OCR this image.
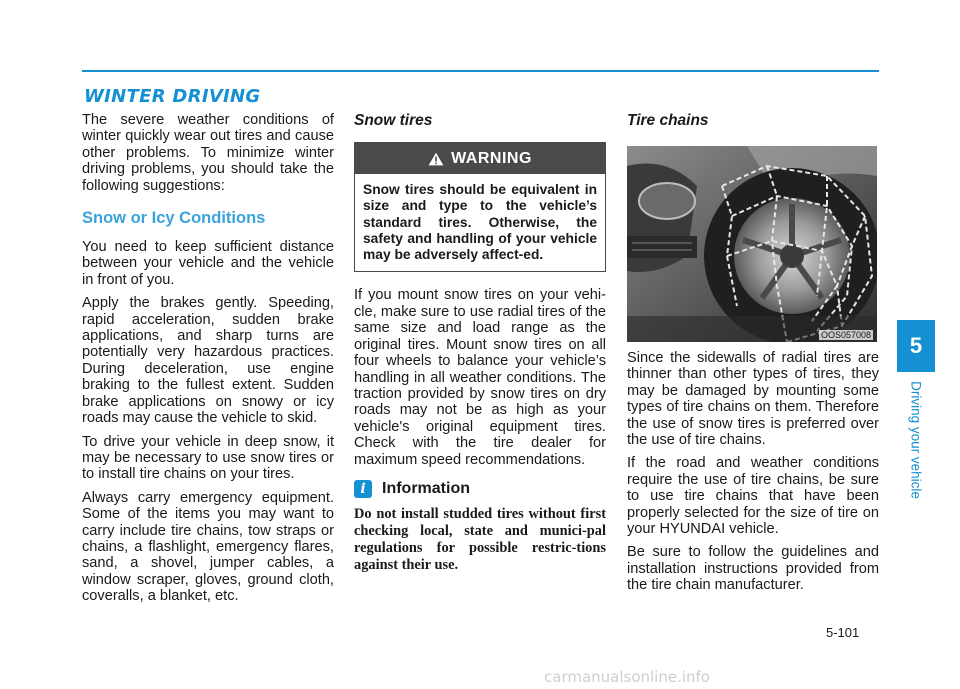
WINTER DRIVING

The severe weather conditions of winter quickly wear out tires and cause other problems. To minimize winter driving problems, you should take the following suggestions:

Snow or Icy Conditions

You need to keep sufficient distance between your vehicle and the vehicle in front of you.

Apply the brakes gently. Speeding, rapid acceleration, sudden brake applications, and sharp turns are potentially very hazardous practices. During deceleration, use engine braking to the fullest extent. Sudden brake applications on snowy or icy roads may cause the vehicle to skid.

To drive your vehicle in deep snow, it may be necessary to use snow tires or to install tire chains on your tires.

Always carry emergency equipment. Some of the items you may want to carry include tire chains, tow straps or chains, a flashlight, emergency flares, sand, a shovel, jumper cables, a window scraper, gloves, ground cloth, coveralls, a blanket, etc.

Snow tires
WARNING
Snow tires should be equivalent in size and type to the vehicle’s standard tires. Otherwise, the safety and handling of your vehicle may be adversely affect-ed.

If you mount snow tires on your vehi-cle, make sure to use radial tires of the same size and load range as the original tires. Mount snow tires on all four wheels to balance your vehicle’s handling in all weather conditions. The traction provided by snow tires on dry roads may not be as high as your vehicle's original equipment tires. Check with the tire dealer for maximum speed recommendations.

i	Information

Do not install studded tires without first checking local, state and munici-pal regulations for possible restric-tions against their use.

Tire chains
OOS057008

Since the sidewalls of radial tires are thinner than other types of tires, they may be damaged by mounting some types of tire chains on them. Therefore the use of snow tires is preferred over the use of tire chains.

If the road and weather conditions require the use of tire chains, be sure to use tire chains that have been properly selected for the size of tire on your HYUNDAI vehicle.

Be sure to follow the guidelines and installation instructions provided from the tire chain manufacturer.

5
Driving your vehicle
5-101
carmanualsonline.info
